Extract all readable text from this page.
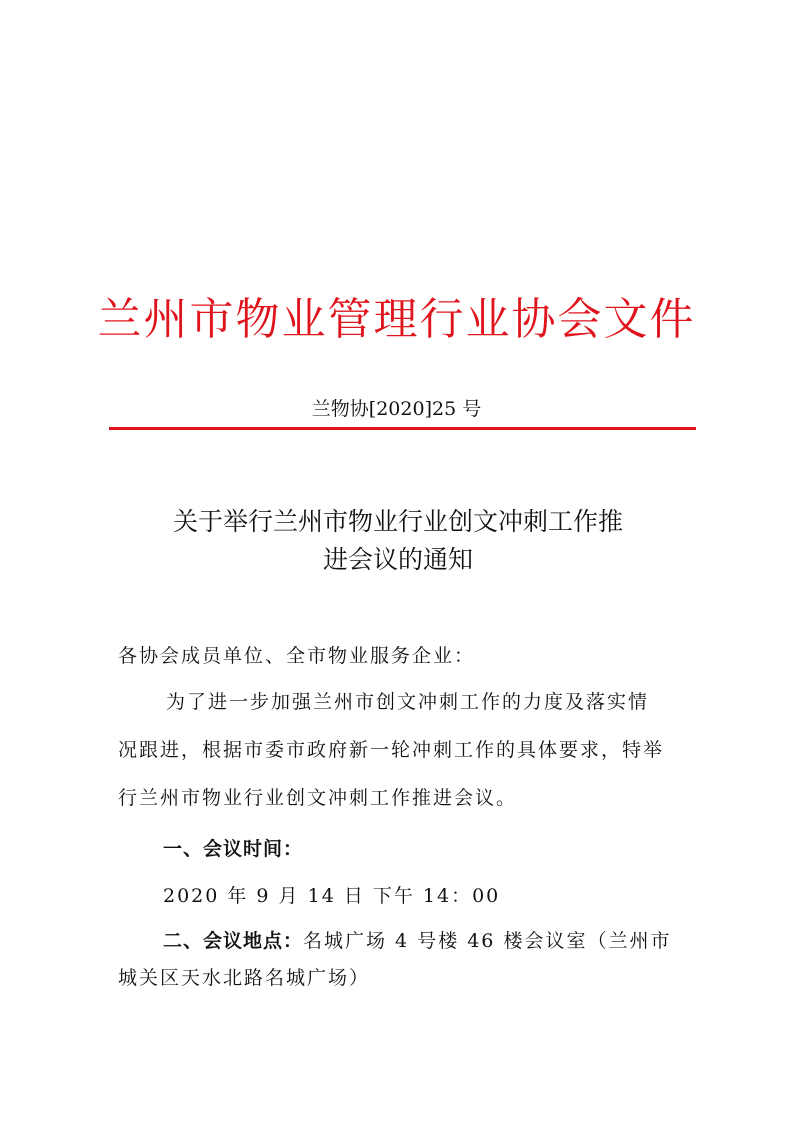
兰州市物业管理行业协会文件
兰物协[2020]25 号
关于举行兰州市物业行业创文冲刺工作推
进会议的通知
各协会成员单位、全市物业服务企业：
为了进一步加强兰州市创文冲刺工作的力度及落实情
况跟进，根据市委市政府新一轮冲刺工作的具体要求，特举
行兰州市物业行业创文冲刺工作推进会议。
一、会议时间：
2020 年 9 月 14 日 下午 14：00
二、会议地点：名城广场 4 号楼 46 楼会议室（兰州市
城关区天水北路名城广场）
